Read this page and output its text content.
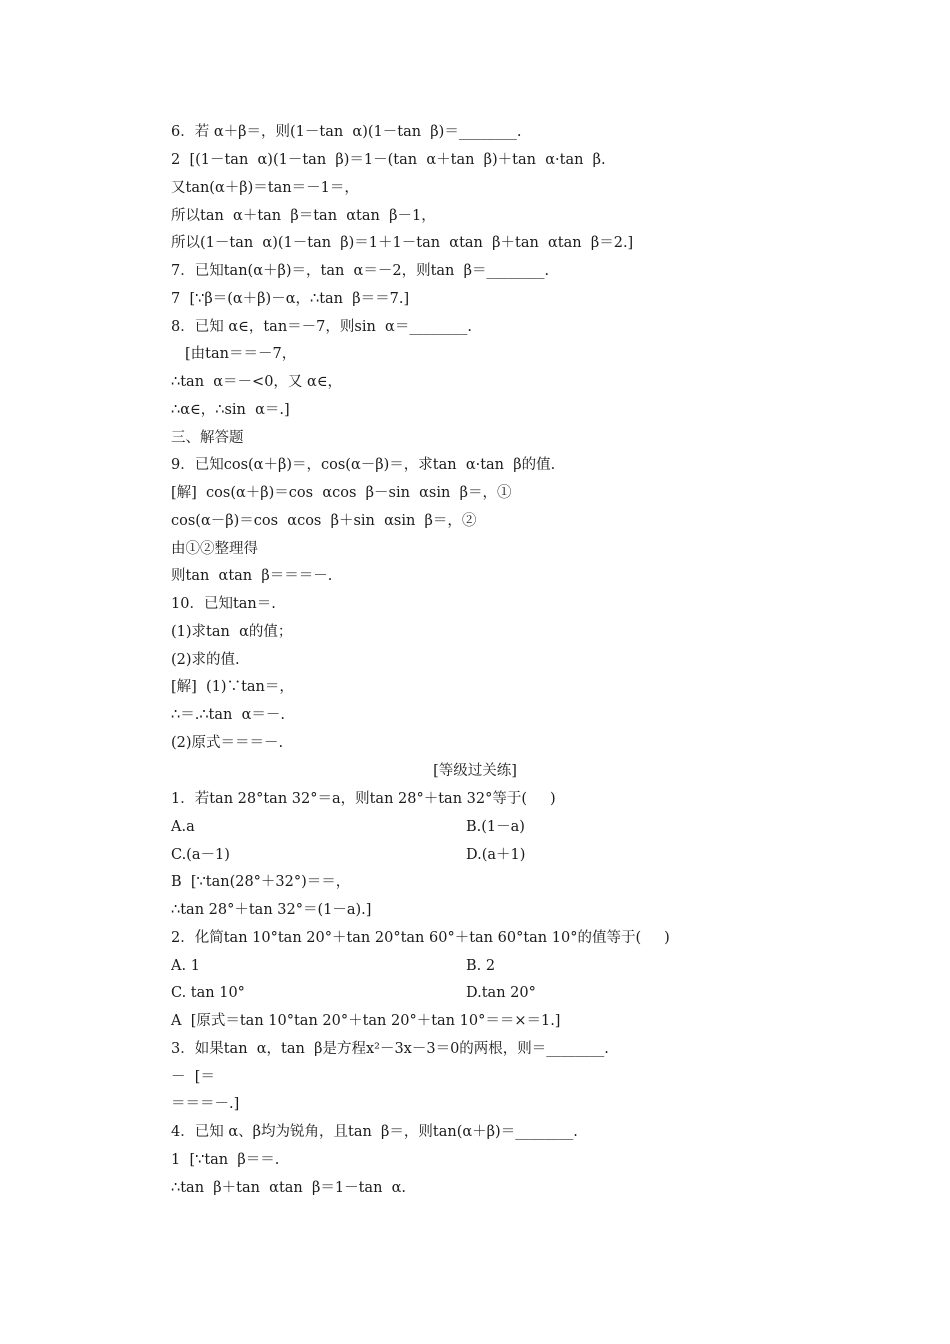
6．若 α＋β＝，则(1－tan  α)(1－tan  β)＝________.
2  [(1－tan  α)(1－tan  β)＝1－(tan  α＋tan  β)＋tan  α·tan  β.
又tan(α＋β)＝tan＝－1＝，
所以tan  α＋tan  β＝tan  αtan  β－1，
所以(1－tan  α)(1－tan  β)＝1＋1－tan  αtan  β＋tan  αtan  β＝2.]
7．已知tan(α＋β)＝，tan  α＝－2，则tan  β＝________.
7  [∵β＝(α＋β)－α，∴tan  β＝＝7.]
8．已知 α∈，tan＝－7，则sin  α＝________.
[由tan＝＝－7，
∴tan  α＝－<0，又 α∈，
∴α∈，∴sin  α＝.]
三、解答题
9．已知cos(α＋β)＝，cos(α－β)＝，求tan  α·tan  β的值.
[解]  cos(α＋β)＝cos  αcos  β－sin  αsin  β＝，①
cos(α－β)＝cos  αcos  β＋sin  αsin  β＝，②
由①②整理得
则tan  αtan  β＝＝＝－.
10．已知tan＝.
(1)求tan  α的值；
(2)求的值.
[解]  (1)∵tan＝，
∴＝.∴tan  α＝－.
(2)原式＝＝＝－.
[等级过关练]
1．若tan 28°tan 32°＝a，则tan 28°＋tan 32°等于(     )
A.a	B.(1－a)
C.(a－1)	D.(a＋1)
B  [∵tan(28°＋32°)＝＝，
∴tan 28°＋tan 32°＝(1－a).]
2．化简tan 10°tan 20°＋tan 20°tan 60°＋tan 60°tan 10°的值等于(     )
A. 1	B. 2
C. tan 10°	D.tan 20°
A  [原式＝tan 10°tan 20°＋tan 20°＋tan 10°＝＝×＝1.]
3．如果tan  α，tan  β是方程x²－3x－3＝0的两根，则＝________.
－  [＝
＝＝＝－.]
4．已知 α、β均为锐角，且tan  β＝，则tan(α＋β)＝________.
1  [∵tan  β＝＝.
∴tan  β＋tan  αtan  β＝1－tan  α.
